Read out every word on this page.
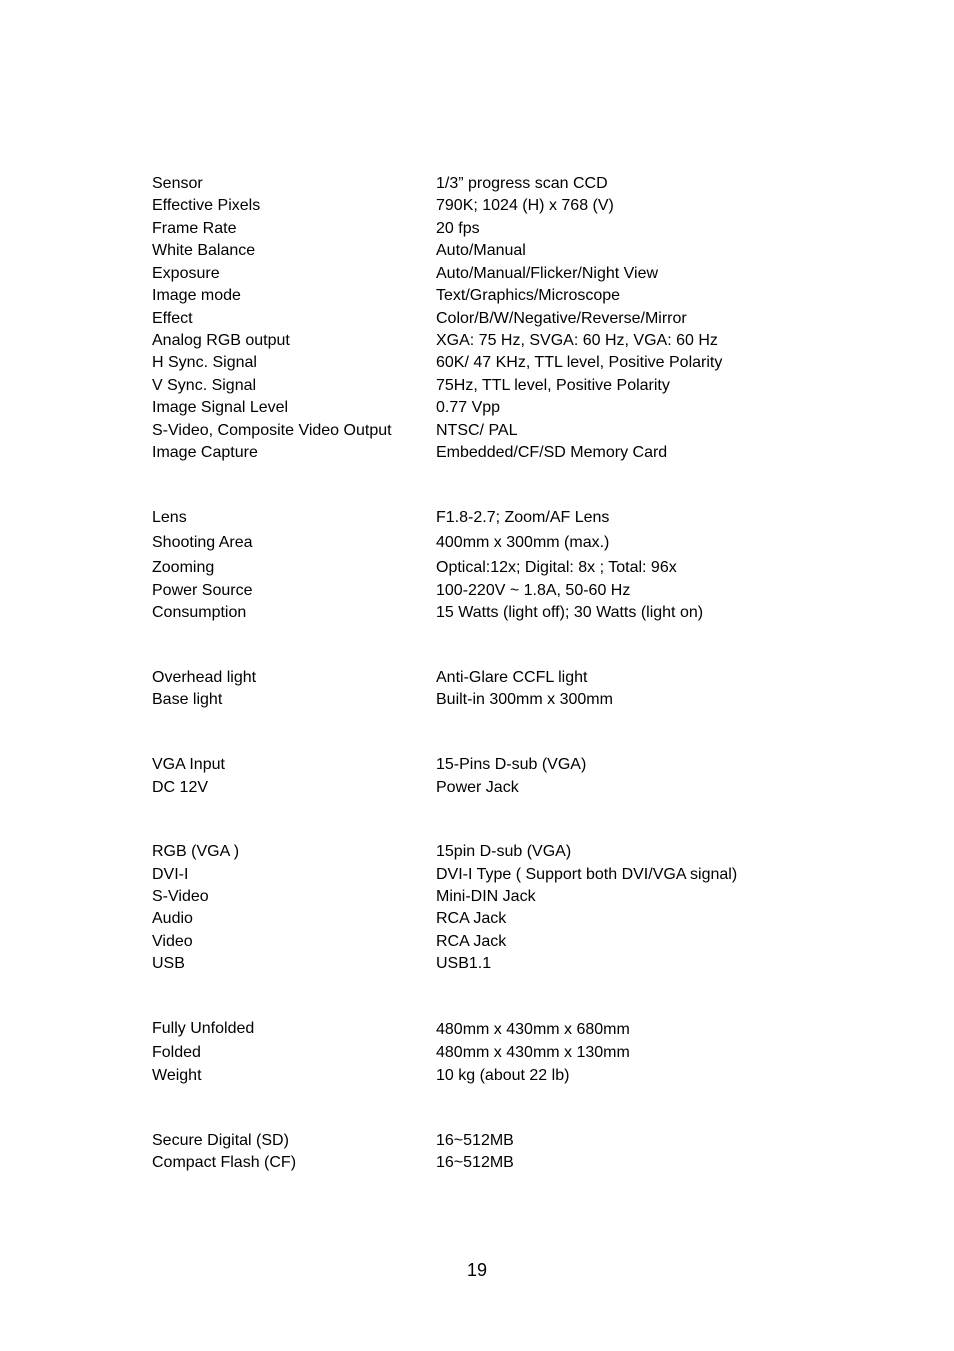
Sensor	1/3” progress scan CCD
Effective Pixels	790K; 1024 (H) x 768 (V)
Frame Rate	20 fps
White Balance	Auto/Manual
Exposure	Auto/Manual/Flicker/Night View
Image mode	Text/Graphics/Microscope
Effect	Color/B/W/Negative/Reverse/Mirror
Analog RGB output	XGA: 75 Hz, SVGA: 60 Hz, VGA: 60 Hz
H Sync. Signal	60K/ 47 KHz, TTL level, Positive Polarity
V Sync. Signal	75Hz, TTL level, Positive Polarity
Image Signal Level	0.77 Vpp
S-Video, Composite Video Output	NTSC/ PAL
Image Capture	Embedded/CF/SD Memory Card
Lens	F1.8-2.7; Zoom/AF Lens
Shooting Area	400mm x 300mm (max.)
Zooming	Optical:12x; Digital: 8x ; Total: 96x
Power Source	100-220V ~ 1.8A, 50-60 Hz
Consumption	15 Watts (light off); 30 Watts (light on)
Overhead light	Anti-Glare CCFL light
Base light	Built-in 300mm x 300mm
VGA Input	15-Pins D-sub (VGA)
DC 12V	Power Jack
RGB (VGA )	15pin D-sub (VGA)
DVI-I	DVI-I Type ( Support both DVI/VGA signal)
S-Video	Mini-DIN Jack
Audio	RCA Jack
Video	RCA Jack
USB	USB1.1
Fully Unfolded	480mm x 430mm x 680mm
Folded	480mm x 430mm x 130mm
Weight	10 kg (about 22 lb)
Secure Digital (SD)	16~512MB
Compact Flash (CF)	16~512MB
19
